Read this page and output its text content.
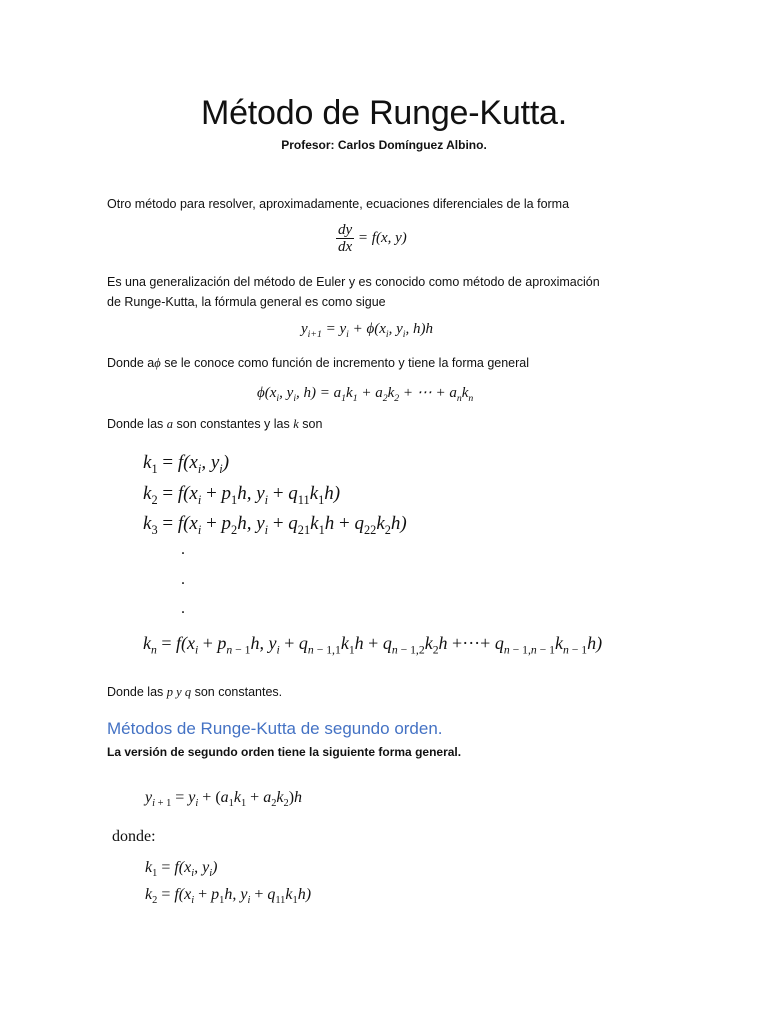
Método de Runge-Kutta.
Profesor: Carlos Domínguez Albino.
Otro método para resolver, aproximadamente, ecuaciones diferenciales de la forma
$\frac{dy}{dx} = f(x$, y)
Es una generalización del método de Euler y es conocido como método de aproximación
de Runge-Kutta, la fórmula general es como sigue
$y_{i+1} = y_i + \phi(x_i$, $y_i$, h)h
Donde aϕ se le conoce como función de incremento y tiene la forma general
$\phi(x_i$, $y_i$, $h) = a_1k_1 + a_2k_2$ + ⋯ + $a_nk_n$
Donde las a son constantes y las k son
$k_1 = f(x_i$, $y_i$)
$k_2 = f(x_i + p_1h$, $y_i + q_{11}k_1h$)
$k_3 = f(x_i + p_2h$, $y_i + q_{21}k_1h + q_{22}k_2h$)
.
.
.
$k_n = f(x_i + p_{n - 1}h$, $y_i + q_{n - 1,1}k_1h + q_{n - 1,2}k_2h$ +···+ $q_{n - 1,n - 1}k_{n - 1}h$)
Donde las p y q son constantes.
Métodos de Runge-Kutta de segundo orden.
La versión de segundo orden tiene la siguiente forma general.
$y_{i + 1} = y_i + (a_1k_1 + a_2k_2)h$
donde:
$k_1 = f(x_i$, $y_i$)
$k_2 = f(x_i + p_1h$, $y_i + q_{11}k_1h$)
